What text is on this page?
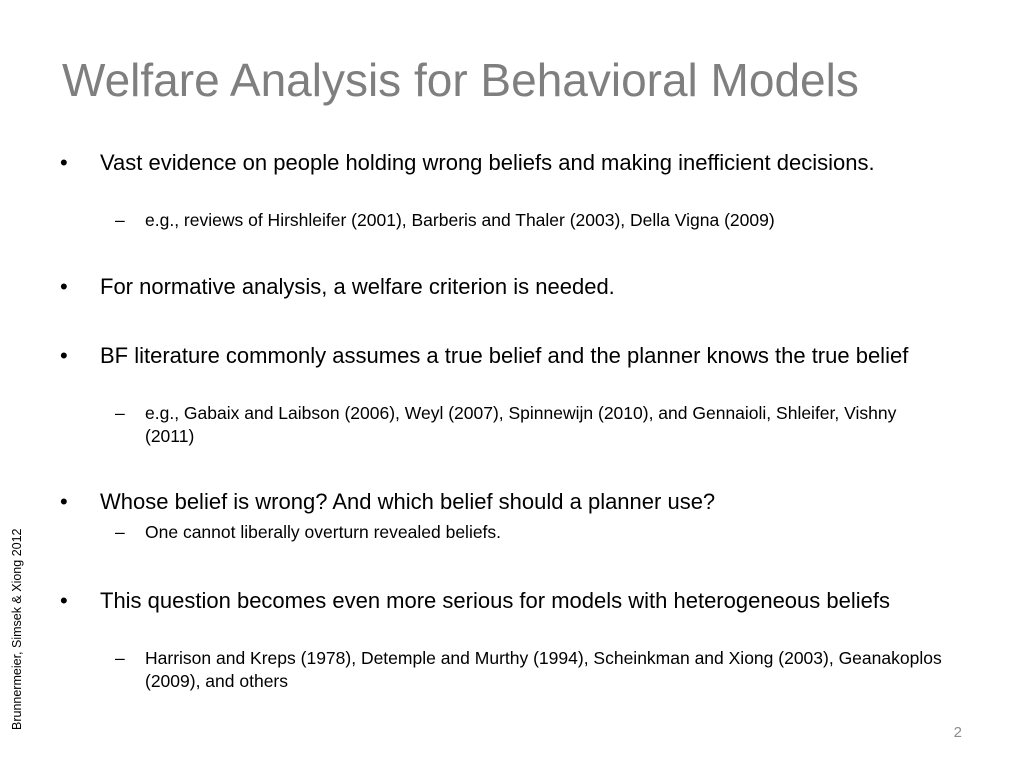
Welfare Analysis for Behavioral Models
• Vast evidence on people holding wrong beliefs and making inefficient decisions.

– e.g., reviews of Hirshleifer (2001), Barberis and Thaler (2003), Della Vigna (2009)

• For normative analysis, a welfare criterion is needed.

• BF literature commonly assumes a true belief and the planner knows the true belief

– e.g., Gabaix and Laibson (2006), Weyl (2007), Spinnewijn (2010), and Gennaioli, Shleifer, Vishny (2011)

• Whose belief is wrong? And which belief should a planner use?

– One cannot liberally overturn revealed beliefs.

• This question becomes even more serious for models with heterogeneous beliefs

– Harrison and Kreps (1978), Detemple and Murthy (1994), Scheinkman and Xiong (2003), Geanakoplos (2009), and others

Brunnermeier, Simsek & Xiong 2012
2
